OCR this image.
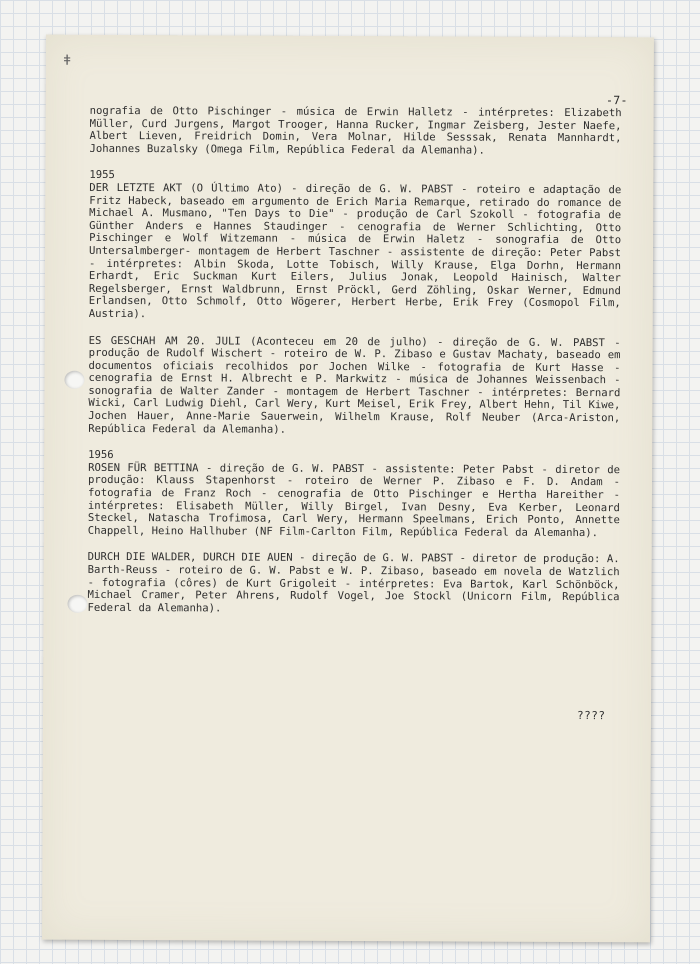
ǂ
-7-

nografia de Otto Pischinger - música de Erwin Halletz - intérpretes: Elizabeth Müller, Curd Jurgens, Margot Trooger, Hanna Rucker, Ingmar Zeisberg, Jester Naefe, Albert Lieven, Freidrich Domin, Vera Molnar, Hilde Sesssak, Renata Mannhardt, Johannes Buzalsky (Omega Film, República Federal da Alemanha).

1955

DER LETZTE AKT (O Último Ato) - direção de G. W. PABST - roteiro e adaptação de Fritz Habeck, baseado em argumento de Erich Maria Remarque, retirado do romance de Michael A. Musmano, "Ten Days to Die" - produção de Carl Szokoll - fotografia de Günther Anders e Hannes Staudinger - cenografia de Werner Schlichting, Otto Pischinger e Wolf Witzemann - música de Erwin Haletz - sonografia de Otto Untersalmberger- montagem de Herbert Taschner - assistente de direção: Peter Pabst - intérpretes: Albin Skoda, Lotte Tobisch, Willy Krause, Elga Dorhn, Hermann Erhardt, Eric Suckman Kurt Eilers, Julius Jonak, Leopold Hainisch, Walter Regelsberger, Ernst Waldbrunn, Ernst Pröckl, Gerd Zöhling, Oskar Werner, Edmund Erlandsen, Otto Schmolf, Otto Wögerer, Herbert Herbe, Erik Frey (Cosmopol Film, Austria).

ES GESCHAH AM 20. JULI (Aconteceu em 20 de julho) - direção de G. W. PABST -produção de Rudolf Wischert - roteiro de W. P. Zibaso e Gustav Machaty, baseado em documentos oficiais recolhidos por Jochen Wilke - fotografia de Kurt Hasse -cenografia de Ernst H. Albrecht e P. Markwitz - música de Johannes Weissenbach - sonografia de Walter Zander - montagem de Herbert Taschner - intérpretes: Bernard Wicki, Carl Ludwig Diehl, Carl Wery, Kurt Meisel, Erik Frey, Albert Hehn, Til Kiwe, Jochen Hauer, Anne-Marie Sauerwein, Wilhelm Krause, Rolf Neuber (Arca-Ariston, República Federal da Alemanha).

1956

ROSEN FÜR BETTINA - direção de G. W. PABST - assistente: Peter Pabst - diretor de produção: Klauss Stapenhorst - roteiro de Werner P. Zibaso e F. D. Andam - fotografia de Franz Roch - cenografia de Otto Pischinger e Hertha Hareither - intérpretes: Elisabeth Müller, Willy Birgel, Ivan Desny, Eva Kerber, Leonard Steckel, Natascha Trofimosa, Carl Wery, Hermann Speelmans, Erich Ponto, Annette Chappell, Heino Hallhuber (NF Film-Carlton Film, República Federal da Alemanha).

DURCH DIE WALDER, DURCH DIE AUEN - direção de G. W. PABST - diretor de produção: A. Barth-Reuss - roteiro de G. W. Pabst e W. P. Zibaso, baseado em novela de Watzlich - fotografia (côres) de Kurt Grigoleit - intérpretes: Eva Bartok, Karl Schönböck, Michael Cramer, Peter Ahrens, Rudolf Vogel, Joe Stockl (Unicorn Film, República Federal da Alemanha).

????
